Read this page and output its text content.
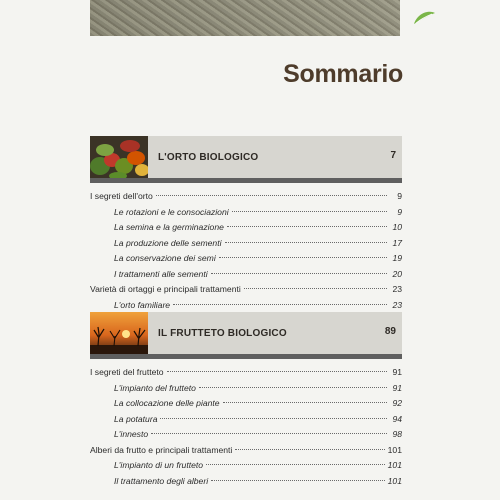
Sommario
L'ORTO BIOLOGICO	7
I segreti dell'orto	9
Le rotazioni e le consociazioni	9
La semina e la germinazione	10
La produzione delle sementi	17
La conservazione dei semi	19
I trattamenti alle sementi	20
Varietà di ortaggi e principali trattamenti	23
L'orto familiare	23
IL FRUTTETO BIOLOGICO	89
I segreti del frutteto	91
L'impianto del frutteto	91
La collocazione delle piante	92
La potatura	94
L'innesto	98
Alberi da frutto e principali trattamenti	101
L'impianto di un frutteto	101
Il trattamento degli alberi	101
